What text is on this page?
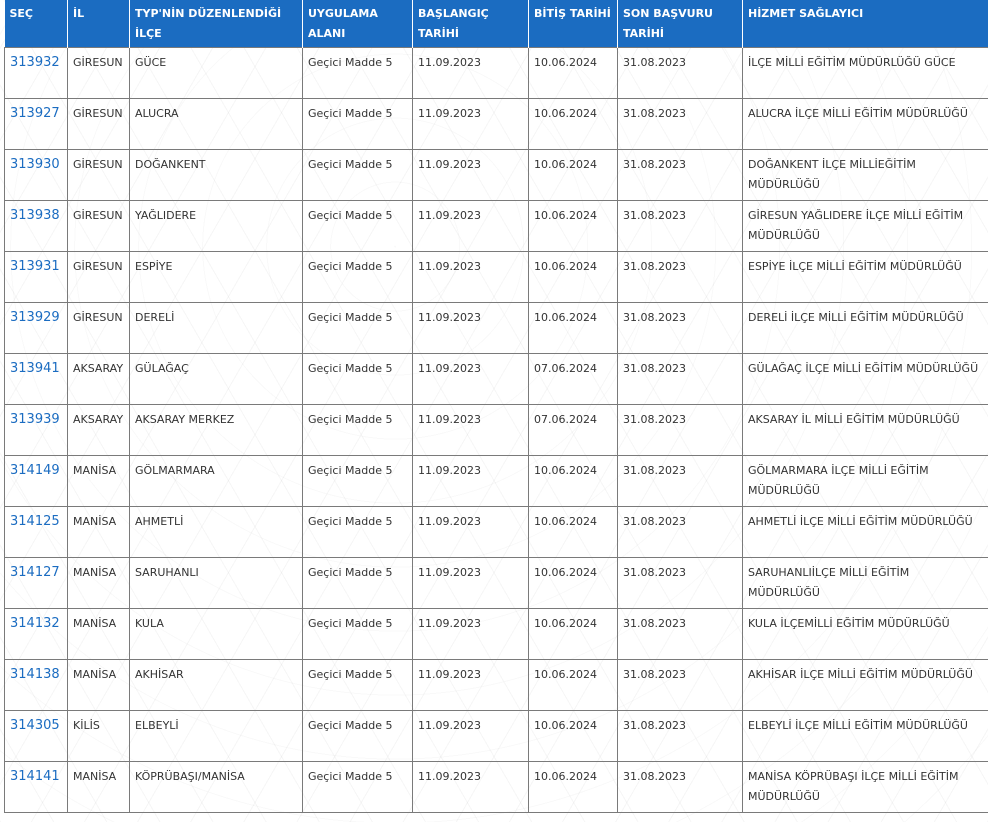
SEÇ	İL	TYP'NİN DÜZENLENDİĞİ İLÇE	UYGULAMA ALANI	BAŞLANGIÇ TARİHİ	BİTİŞ TARİHİ	SON BAŞVURU TARİHİ	HİZMET SAĞLAYICI
313932	GİRESUN	GÜCE	Geçici Madde 5	11.09.2023	10.06.2024	31.08.2023	İLÇE MİLLİ EĞİTİM MÜDÜRLÜĞÜ GÜCE
313927	GİRESUN	ALUCRA	Geçici Madde 5	11.09.2023	10.06.2024	31.08.2023	ALUCRA İLÇE MİLLİ EĞİTİM MÜDÜRLÜĞÜ
313930	GİRESUN	DOĞANKENT	Geçici Madde 5	11.09.2023	10.06.2024	31.08.2023	DOĞANKENT İLÇE MİLLİEĞİTİM MÜDÜRLÜĞÜ
313938	GİRESUN	YAĞLIDERE	Geçici Madde 5	11.09.2023	10.06.2024	31.08.2023	GİRESUN YAĞLIDERE İLÇE MİLLİ EĞİTİM MÜDÜRLÜĞÜ
313931	GİRESUN	ESPİYE	Geçici Madde 5	11.09.2023	10.06.2024	31.08.2023	ESPİYE İLÇE MİLLİ EĞİTİM MÜDÜRLÜĞÜ
313929	GİRESUN	DERELİ	Geçici Madde 5	11.09.2023	10.06.2024	31.08.2023	DERELİ İLÇE MİLLİ EĞİTİM MÜDÜRLÜĞÜ
313941	AKSARAY	GÜLAĞAÇ	Geçici Madde 5	11.09.2023	07.06.2024	31.08.2023	GÜLAĞAÇ İLÇE MİLLİ EĞİTİM MÜDÜRLÜĞÜ
313939	AKSARAY	AKSARAY MERKEZ	Geçici Madde 5	11.09.2023	07.06.2024	31.08.2023	AKSARAY İL MİLLİ EĞİTİM MÜDÜRLÜĞÜ
314149	MANİSA	GÖLMARMARA	Geçici Madde 5	11.09.2023	10.06.2024	31.08.2023	GÖLMARMARA İLÇE MİLLİ EĞİTİM MÜDÜRLÜĞÜ
314125	MANİSA	AHMETLİ	Geçici Madde 5	11.09.2023	10.06.2024	31.08.2023	AHMETLİ İLÇE MİLLİ EĞİTİM MÜDÜRLÜĞÜ
314127	MANİSA	SARUHANLI	Geçici Madde 5	11.09.2023	10.06.2024	31.08.2023	SARUHANLIİLÇE MİLLİ EĞİTİM MÜDÜRLÜĞÜ
314132	MANİSA	KULA	Geçici Madde 5	11.09.2023	10.06.2024	31.08.2023	KULA İLÇEMİLLİ EĞİTİM MÜDÜRLÜĞÜ
314138	MANİSA	AKHİSAR	Geçici Madde 5	11.09.2023	10.06.2024	31.08.2023	AKHİSAR İLÇE MİLLİ EĞİTİM MÜDÜRLÜĞÜ
314305	KİLİS	ELBEYLİ	Geçici Madde 5	11.09.2023	10.06.2024	31.08.2023	ELBEYLİ İLÇE MİLLİ EĞİTİM MÜDÜRLÜĞÜ
314141	MANİSA	KÖPRÜBAŞI/MANİSA	Geçici Madde 5	11.09.2023	10.06.2024	31.08.2023	MANİSA KÖPRÜBAŞI İLÇE MİLLİ EĞİTİM MÜDÜRLÜĞÜ
